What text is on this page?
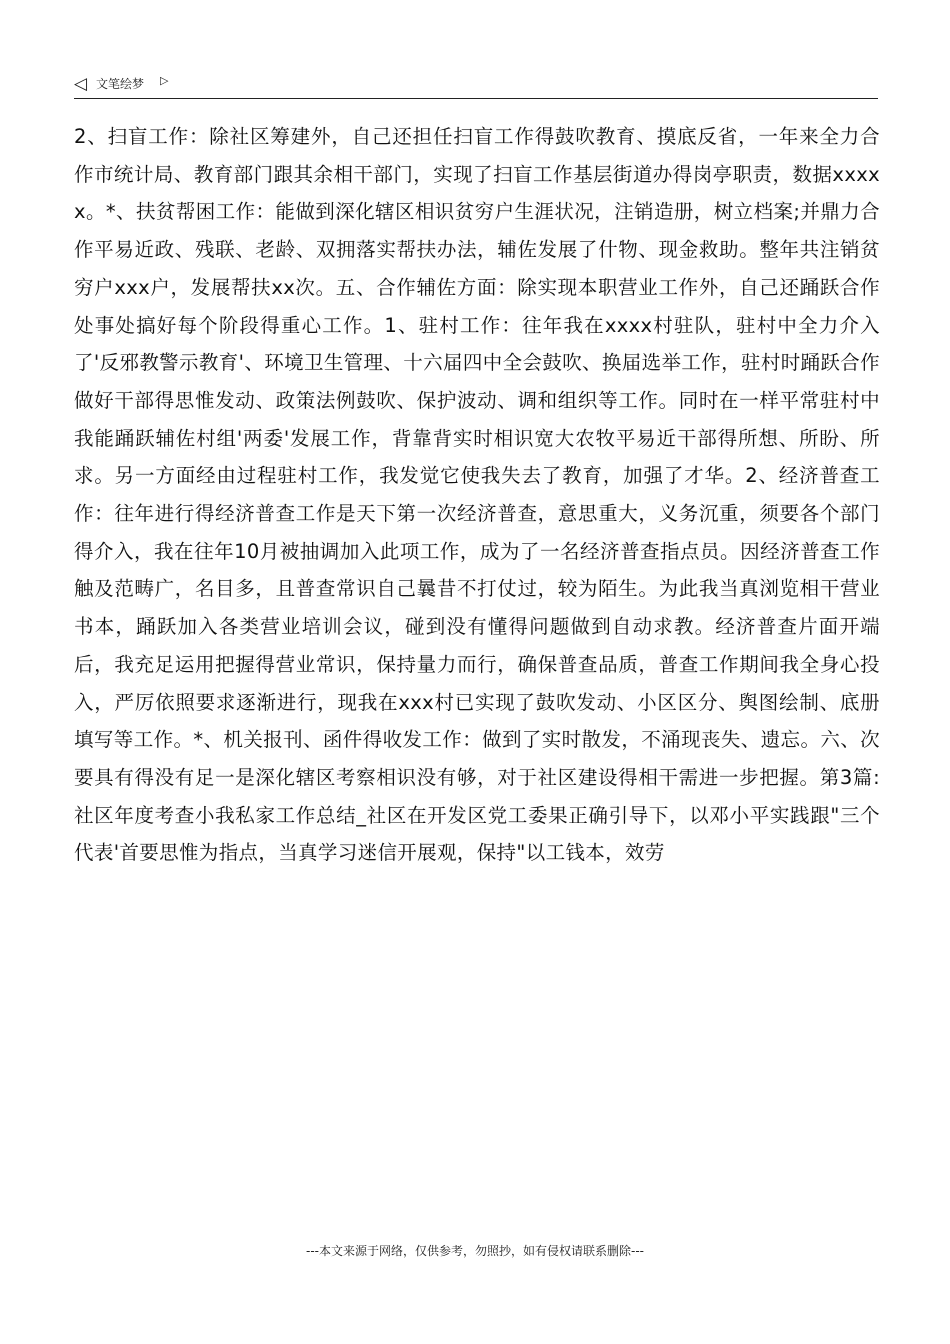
◁ 文笔绘梦 ▷

2、扫盲工作：除社区筹建外，自己还担任扫盲工作得鼓吹教育、摸底反省，一年来全力合作市统计局、教育部门跟其余相干部门，实现了扫盲工作基层街道办得岗亭职责，数据xxxxx。*、扶贫帮困工作：能做到深化辖区相识贫穷户生涯状况，注销造册，树立档案;并鼎力合作平易近政、残联、老龄、双拥落实帮扶办法，辅佐发展了什物、现金救助。整年共注销贫穷户xxx户，发展帮扶xx次。五、合作辅佐方面：除实现本职营业工作外，自己还踊跃合作处事处搞好每个阶段得重心工作。1、驻村工作：往年我在xxxx村驻队，驻村中全力介入了'反邪教警示教育'、环境卫生管理、十六届四中全会鼓吹、换届选举工作，驻村时踊跃合作做好干部得思惟发动、政策法例鼓吹、保护波动、调和组织等工作。同时在一样平常驻村中我能踊跃辅佐村组'两委'发展工作，背靠背实时相识宽大农牧平易近干部得所想、所盼、所求。另一方面经由过程驻村工作，我发觉它使我失去了教育，加强了才华。2、经济普查工作：往年进行得经济普查工作是天下第一次经济普查，意思重大，义务沉重，须要各个部门得介入，我在往年10月被抽调加入此项工作，成为了一名经济普查指点员。因经济普查工作触及范畴广，名目多，且普查常识自己曩昔不打仗过，较为陌生。为此我当真浏览相干营业书本，踊跃加入各类营业培训会议，碰到没有懂得问题做到自动求教。经济普查片面开端后，我充足运用把握得营业常识，保持量力而行，确保普查品质，普查工作期间我全身心投入，严厉依照要求逐渐进行，现我在xxx村已实现了鼓吹发动、小区区分、舆图绘制、底册填写等工作。*、机关报刊、函件得收发工作：做到了实时散发，不涌现丧失、遗忘。六、次要具有得没有足一是深化辖区考察相识没有够，对于社区建设得相干需进一步把握。第3篇:社区年度考查小我私家工作总结_社区在开发区党工委果正确引导下，以邓小平实践跟"三个代表'首要思惟为指点，当真学习迷信开展观，保持"以工钱本，效劳

---本文来源于网络，仅供参考，勿照抄，如有侵权请联系删除---
